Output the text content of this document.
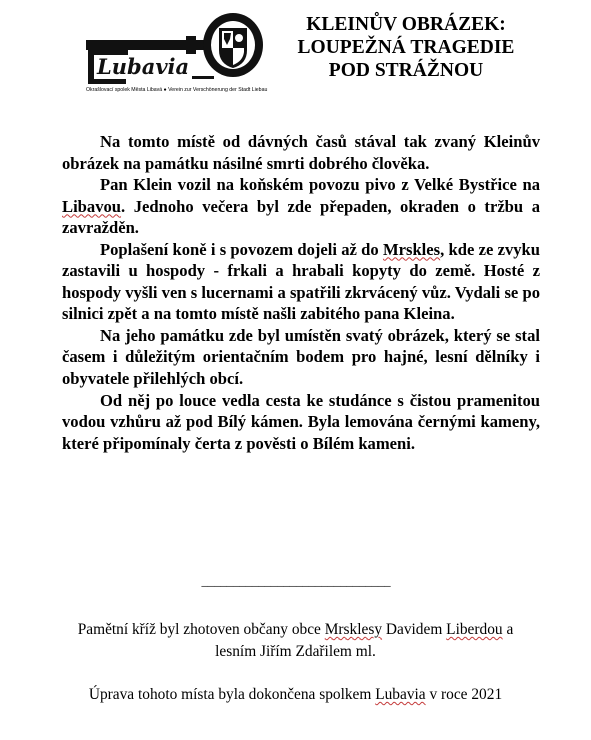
Lubavia
Okrašlovací spolek Města Libavá ● Verein zur Verschönerung der Stadt Liebau
KLEINŮV OBRÁZEK:
LOUPEŽNÁ TRAGEDIE
POD STRÁŽNOU

Na tomto místě od dávných časů stával tak zvaný Kleinův obrázek na památku násilné smrti dobrého člověka.

Pan Klein vozil na koňském povozu pivo z Velké Bystřice na Libavou. Jednoho večera byl zde přepaden, okraden o tržbu a zavražděn.

Poplašení koně i s povozem dojeli až do Mrskles, kde ze zvyku zastavili u hospody - frkali a hrabali kopyty do země. Hosté z hospody vyšli ven s lucernami a spatřili zkrvácený vůz. Vydali se po silnici zpět a na tomto místě našli zabitého pana Kleina.

Na jeho památku zde byl umístěn svatý obrázek, který se stal časem i důležitým orientačním bodem pro hajné, lesní dělníky i obyvatele přilehlých obcí.

Od něj po louce vedla cesta ke studánce s čistou pramenitou vodou vzhůru až pod Bílý kámen. Byla lemována černými kameny, které připomínaly čerta z pověsti o Bílém kameni.

______________________________
Pamětní kříž byl zhotoven občany obce Mrsklesy Davidem Liberdou a lesním Jiřím Zdařilem ml.
Úprava tohoto místa byla dokončena spolkem Lubavia v roce 2021
